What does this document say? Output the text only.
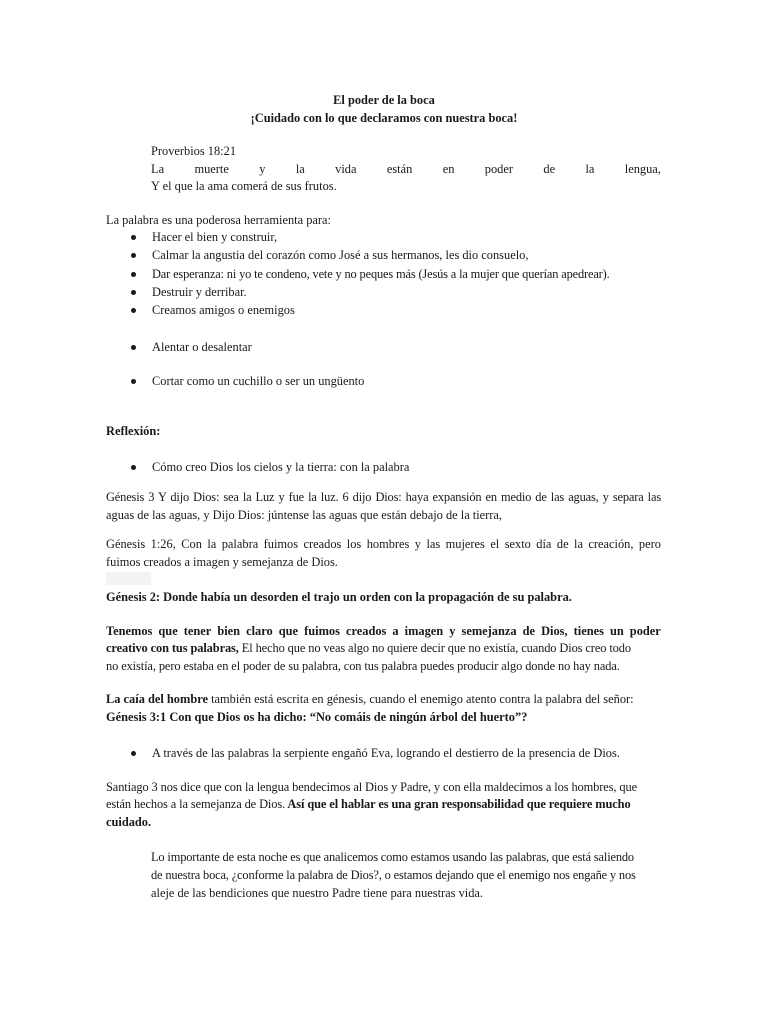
El poder de la boca
¡Cuidado con lo que declaramos con nuestra boca!
Proverbios 18:21
La muerte y la vida están en poder de la lengua,
Y el que la ama comerá de sus frutos.
La palabra es una poderosa herramienta para:
Hacer el bien y construir,
Calmar la angustia del corazón como José a sus hermanos, les dio consuelo,
Dar esperanza: ni yo te condeno, vete y no peques más (Jesús a la mujer que querían apedrear).
Destruir y derribar.
Creamos amigos o enemigos
Alentar o desalentar
Cortar como un cuchillo o ser un ungüento
Reflexión:
Cómo creo Dios los cielos y la tierra: con la palabra
Génesis 3 Y dijo Dios: sea la Luz y fue la luz. 6 dijo Dios: haya expansión en medio de las aguas, y separa las
aguas de las aguas, y Dijo Dios: júntense las aguas que están debajo de la tierra,
Génesis 1:26, Con la palabra fuimos creados los hombres y las mujeres el sexto día de la creación, pero
fuimos creados a imagen y semejanza de Dios.
Génesis 2: Donde había un desorden el trajo un orden con la propagación de su palabra.
Tenemos que tener bien claro que fuimos creados a imagen y semejanza de Dios, tienes un poder
creativo con tus palabras, El hecho que no veas algo no quiere decir que no existía, cuando Dios creo todo
no existía, pero estaba en el poder de su palabra, con tus palabra puedes producir algo donde no hay nada.
La caía del hombre también está escrita en génesis, cuando el enemigo atento contra la palabra del señor:
Génesis 3:1 Con que Dios os ha dicho: “No comáis de ningún árbol del huerto”?
A través de las palabras la serpiente engañó Eva, logrando el destierro de la presencia de Dios.
Santiago 3 nos dice que con la lengua bendecimos al Dios y Padre, y con ella maldecimos a los hombres, que
están hechos a la semejanza de Dios. Así que el hablar es una gran responsabilidad que requiere mucho
cuidado.
Lo importante de esta noche es que analicemos como estamos usando las palabras, que está saliendo
de nuestra boca, ¿conforme la palabra de Dios?, o estamos dejando que el enemigo nos engañe y nos
aleje de las bendiciones que nuestro Padre tiene para nuestras vida.
